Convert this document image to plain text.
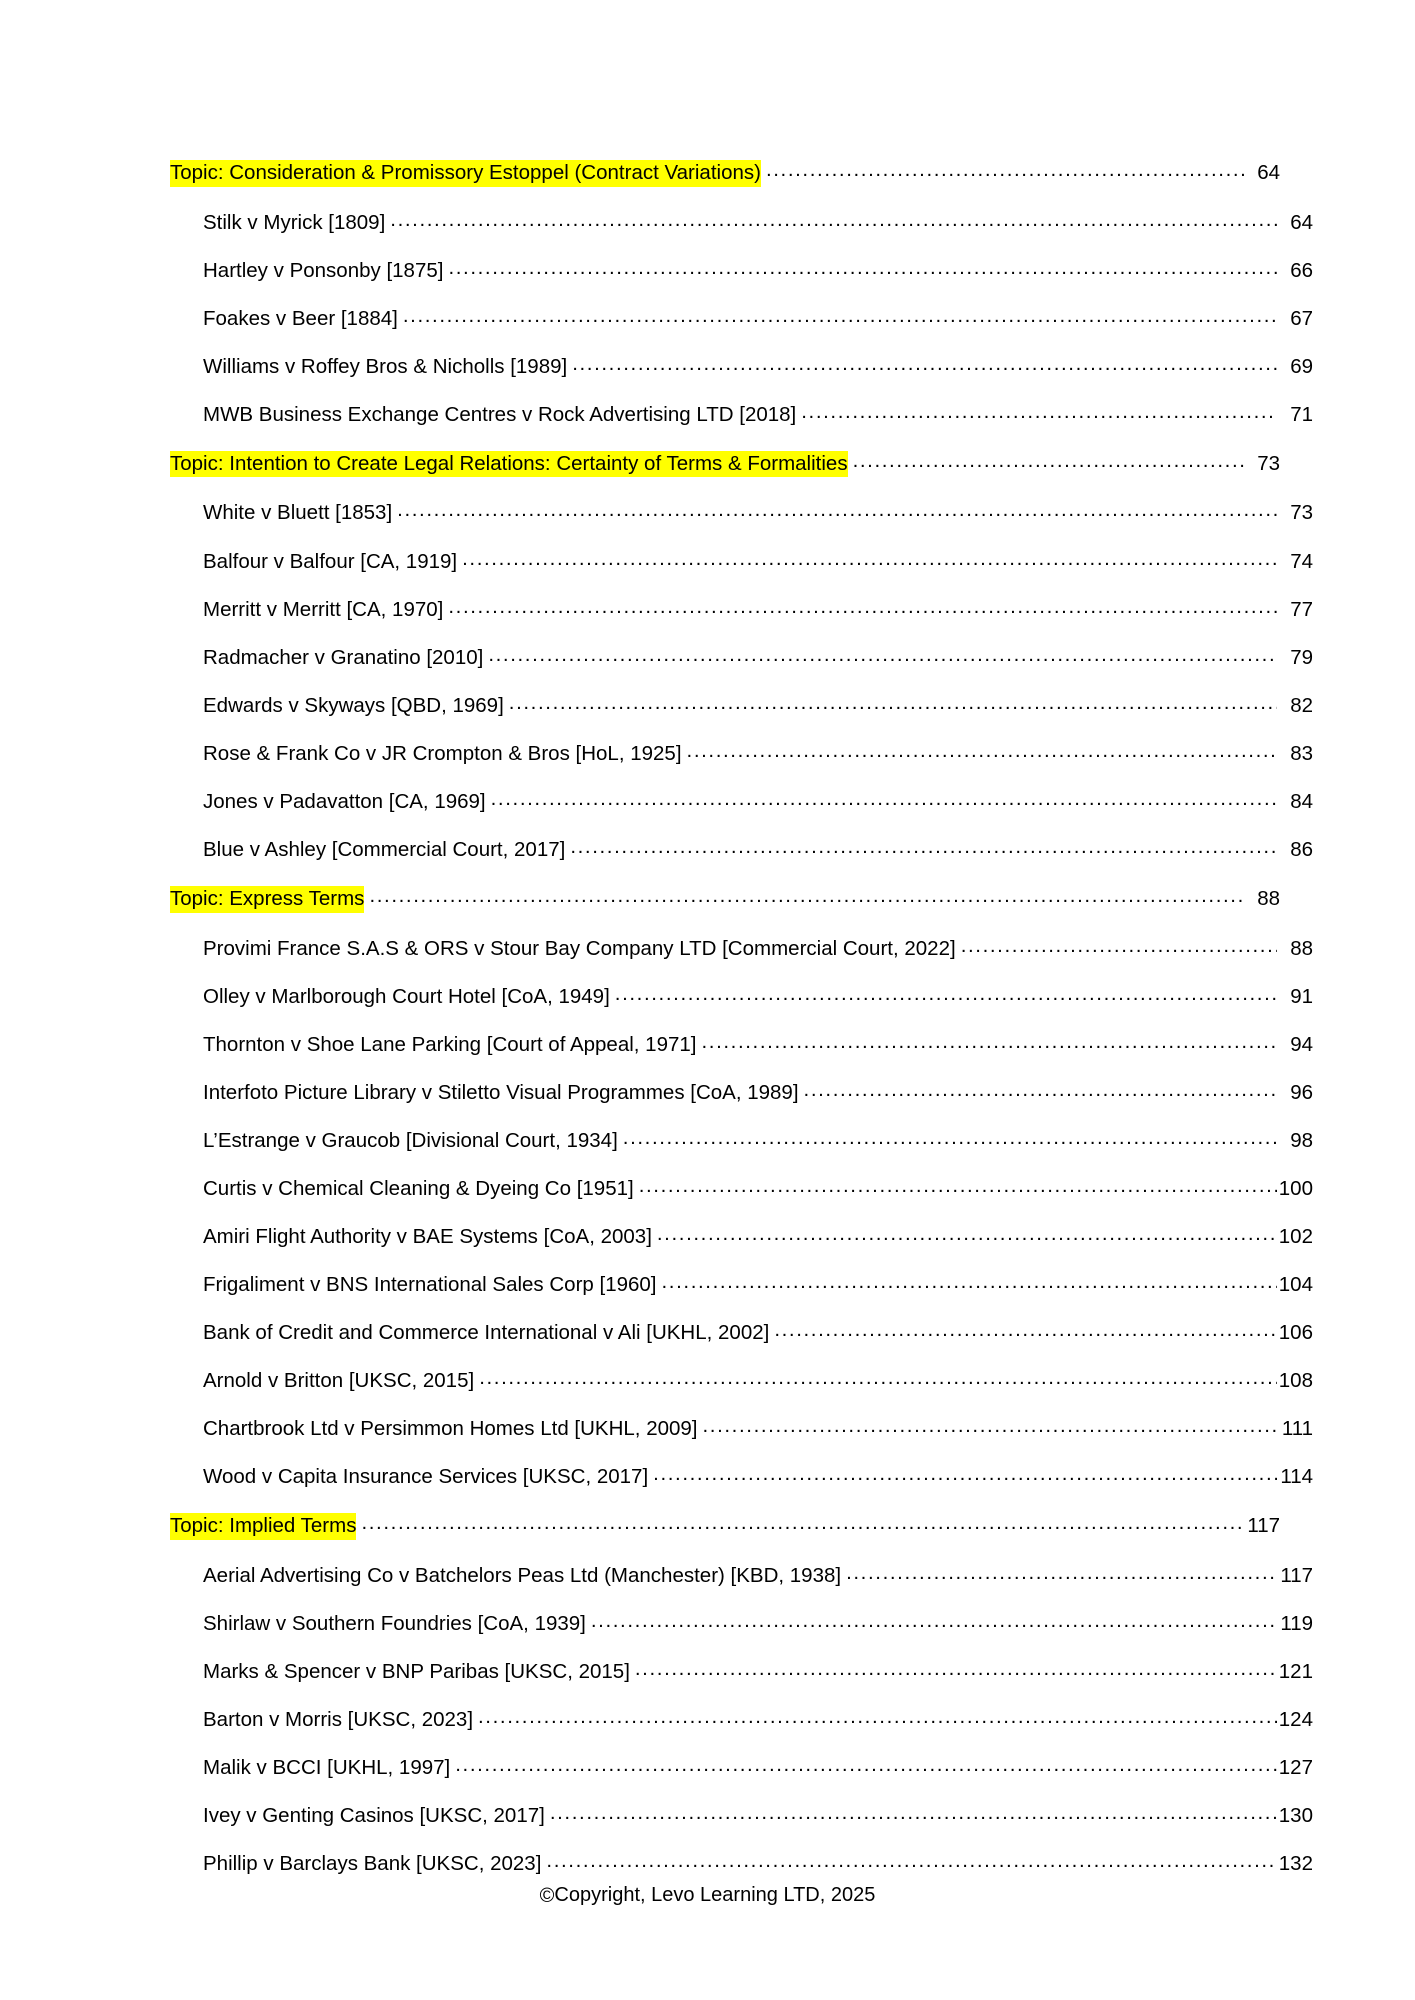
Topic: Consideration & Promissory Estoppel (Contract Variations) .....	64
Stilk v Myrick [1809] .....	64
Hartley v Ponsonby [1875] .....	66
Foakes v Beer [1884] .....	67
Williams v Roffey Bros & Nicholls [1989] .....	69
MWB Business Exchange Centres v Rock Advertising LTD [2018] .....	71
Topic: Intention to Create Legal Relations: Certainty of Terms & Formalities .....	73
White v Bluett [1853] .....	73
Balfour v Balfour [CA, 1919] .....	74
Merritt v Merritt [CA, 1970] .....	77
Radmacher v Granatino [2010] .....	79
Edwards v Skyways [QBD, 1969] .....	82
Rose & Frank Co v JR Crompton & Bros [HoL, 1925] .....	83
Jones v Padavatton [CA, 1969] .....	84
Blue v Ashley [Commercial Court, 2017] .....	86
Topic: Express Terms .....	88
Provimi France S.A.S & ORS v Stour Bay Company LTD [Commercial Court, 2022] .....	88
Olley v Marlborough Court Hotel [CoA, 1949] .....	91
Thornton v Shoe Lane Parking [Court of Appeal, 1971] .....	94
Interfoto Picture Library v Stiletto Visual Programmes [CoA, 1989] .....	96
L’Estrange v Graucob [Divisional Court, 1934] .....	98
Curtis v Chemical Cleaning & Dyeing Co [1951] .....	100
Amiri Flight Authority v BAE Systems [CoA, 2003] .....	102
Frigaliment v BNS International Sales Corp [1960] .....	104
Bank of Credit and Commerce International v Ali [UKHL, 2002] .....	106
Arnold v Britton [UKSC, 2015] .....	108
Chartbrook Ltd v Persimmon Homes Ltd [UKHL, 2009] .....	111
Wood v Capita Insurance Services [UKSC, 2017] .....	114
Topic: Implied Terms .....	117
Aerial Advertising Co v Batchelors Peas Ltd (Manchester) [KBD, 1938] .....	117
Shirlaw v Southern Foundries [CoA, 1939] .....	119
Marks & Spencer v BNP Paribas [UKSC, 2015] .....	121
Barton v Morris [UKSC, 2023] .....	124
Malik v BCCI [UKHL, 1997] .....	127
Ivey v Genting Casinos [UKSC, 2017] .....	130
Phillip v Barclays Bank [UKSC, 2023] .....	132
©Copyright, Levo Learning LTD, 2025
